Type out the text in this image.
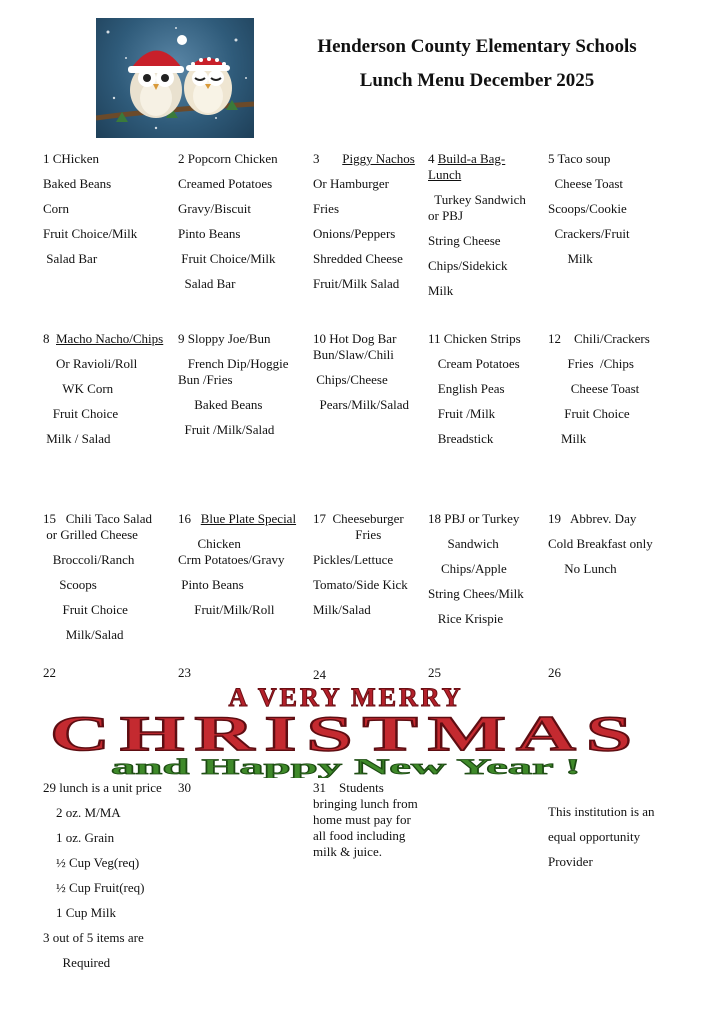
Henderson County Elementary Schools
Lunch Menu December 2025
1 CHicken
Baked Beans
Corn
Fruit Choice/Milk
Salad Bar
2 Popcorn Chicken
Creamed Potatoes
Gravy/Biscuit
Pinto Beans
Fruit Choice/Milk
Salad Bar
3 Piggy Nachos
Or Hamburger
Fries
Onions/Peppers
Shredded Cheese
Fruit/Milk Salad
4 Build-a Bag-
Lunch
Turkey Sandwich
or PBJ
String Cheese
Chips/Sidekick
Milk
5 Taco soup
Cheese Toast
Scoops/Cookie
Crackers/Fruit
Milk
8 Macho Nacho/Chips
Or Ravioli/Roll
WK Corn
Fruit Choice
Milk / Salad
9 Sloppy Joe/Bun
French Dip/Hoggie
Bun /Fries
Baked Beans
Fruit /Milk/Salad
10 Hot Dog Bar
Bun/Slaw/Chili
Chips/Cheese
Pears/Milk/Salad
11 Chicken Strips
Cream Potatoes
English Peas
Fruit /Milk
Breadstick
12    Chili/Crackers
Fries  /Chips
Cheese Toast
Fruit Choice
Milk
15   Chili Taco Salad
or Grilled Cheese
Broccoli/Ranch
Scoops
Fruit Choice
Milk/Salad
16 Blue Plate Special
Chicken
Crm Potatoes/Gravy
Pinto Beans
Fruit/Milk/Roll
17  Cheeseburger
Fries
Pickles/Lettuce
Tomato/Side Kick
Milk/Salad
18 PBJ or Turkey
Sandwich
Chips/Apple
String Chees/Milk
Rice Krispie
19   Abbrev. Day
Cold Breakfast only
No Lunch
22	23	24	25	26
A VERY MERRY
CHRISTMAS
and Happy New Year !
29 lunch is a unit price
2 oz. M/MA
1 oz. Grain
½ Cup Veg(req)
½ Cup Fruit(req)
1 Cup Milk
3 out of 5 items are
Required
30	31    Students
bringing lunch from
home must pay for
all food including
milk & juice.
This institution is an
equal opportunity
Provider
